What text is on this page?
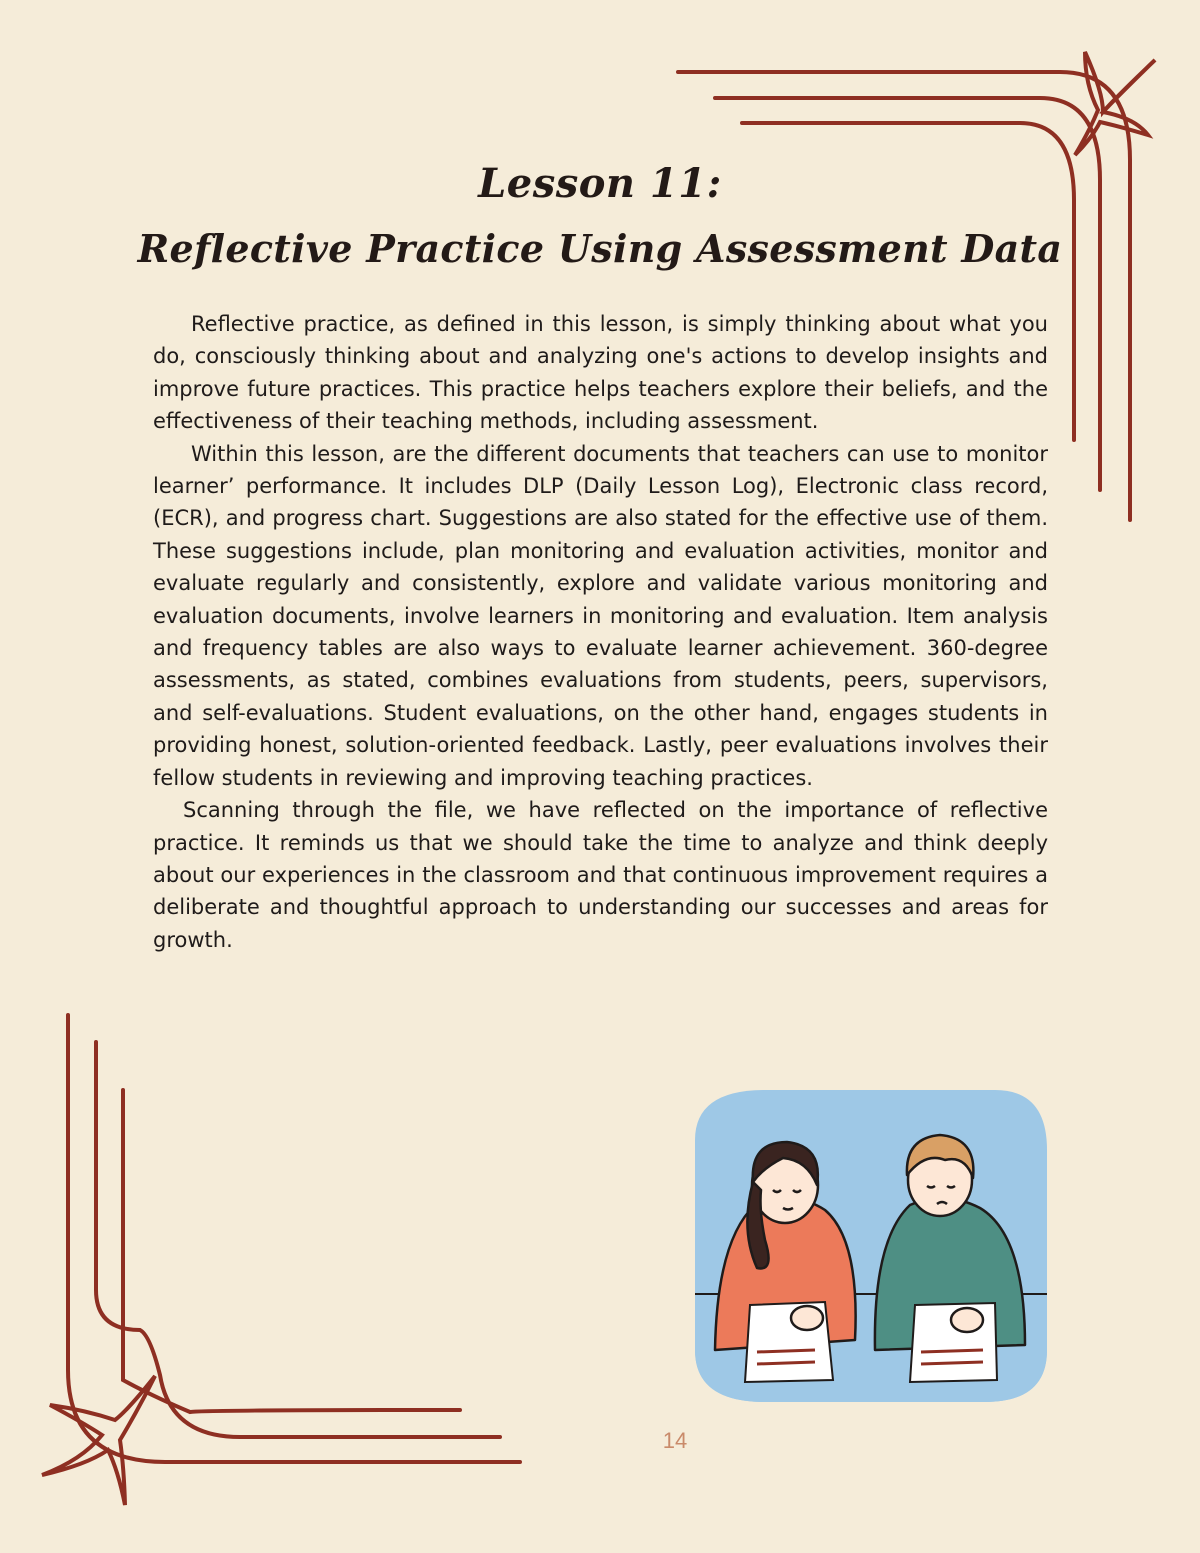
Lesson 11:
Reflective Practice Using Assessment Data

Reflective practice, as defined in this lesson, is simply thinking about what you do, consciously thinking about and analyzing one's actions to develop insights and improve future practices. This practice helps teachers explore their beliefs, and the effectiveness of their teaching methods, including assessment.

Within this lesson, are the different documents that teachers can use to monitor learner’ performance. It includes DLP (Daily Lesson Log), Electronic class record, (ECR), and progress chart. Suggestions are also stated for the effective use of them. These suggestions include, plan monitoring and evaluation activities, monitor and evaluate regularly and consistently, explore and validate various monitoring and evaluation documents, involve learners in monitoring and evaluation. Item analysis and frequency tables are also ways to evaluate learner achievement. 360-degree assessments, as stated, combines evaluations from students, peers, supervisors, and self-evaluations. Student evaluations, on the other hand, engages students in providing honest, solution-oriented feedback. Lastly, peer evaluations involves their fellow students in reviewing and improving teaching practices.

Scanning through the file, we have reflected on the importance of reflective practice. It reminds us that we should take the time to analyze and think deeply about our experiences in the classroom and that continuous improvement requires a deliberate and thoughtful approach to understanding our successes and areas for growth.

14
